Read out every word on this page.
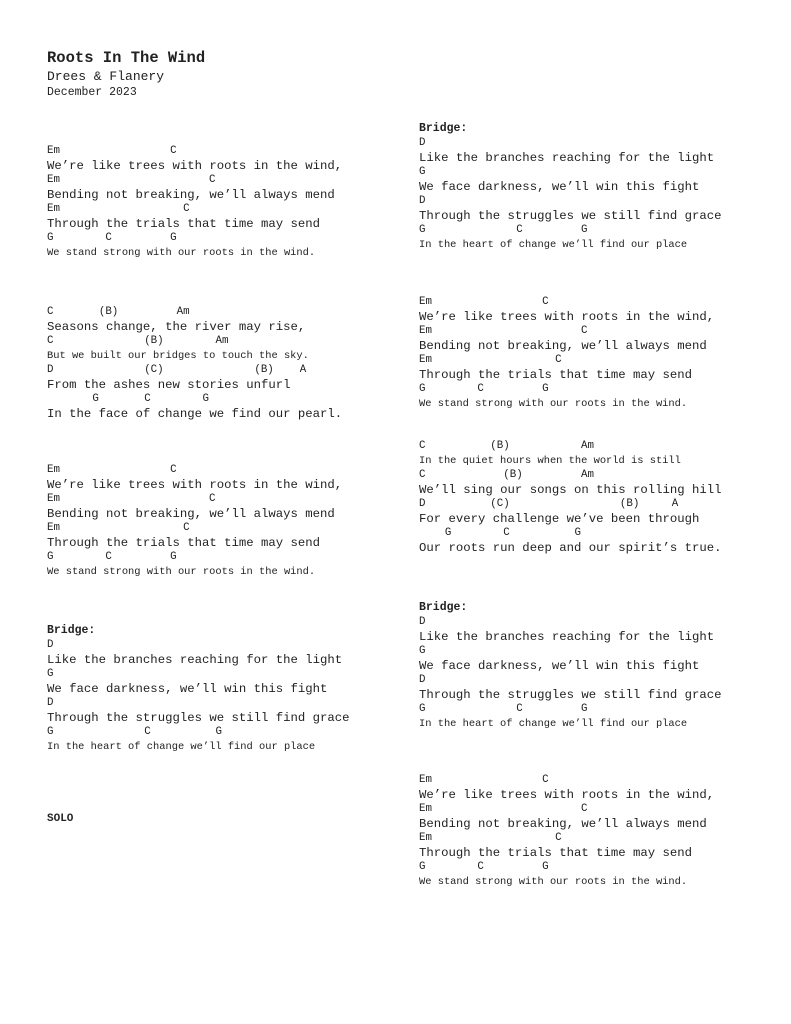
Roots In The Wind
Drees & Flanery
December 2023
Em                 C
We’re like trees with roots in the wind,
Em                       C
Bending not breaking, we’ll always mend
Em                   C
Through the trials that time may send
G        C         G
We stand strong with our roots in the wind.
C       (B)         Am
Seasons change, the river may rise,
C              (B)        Am
But we built our bridges to touch the sky.
D              (C)              (B)    A
From the ashes new stories unfurl
G       C        G
In the face of change we find our pearl.
Em                 C
We’re like trees with roots in the wind,
Em                       C
Bending not breaking, we’ll always mend
Em                   C
Through the trials that time may send
G        C         G
We stand strong with our roots in the wind.
Bridge:
D
Like the branches reaching for the light
G
We face darkness, we’ll win this fight
D
Through the struggles we still find grace
G              C          G
In the heart of change we’ll find our place
SOLO
Bridge:
D
Like the branches reaching for the light
G
We face darkness, we’ll win this fight
D
Through the struggles we still find grace
G              C         G
In the heart of change we’ll find our place
Em                 C
We’re like trees with roots in the wind,
Em                       C
Bending not breaking, we’ll always mend
Em                   C
Through the trials that time may send
G        C         G
We stand strong with our roots in the wind.
C          (B)           Am
In the quiet hours when the world is still
C            (B)         Am
We’ll sing our songs on this rolling hill
D          (C)                 (B)     A
For every challenge we’ve been through
G        C          G
Our roots run deep and our spirit’s true.
Bridge:
D
Like the branches reaching for the light
G
We face darkness, we’ll win this fight
D
Through the struggles we still find grace
G              C         G
In the heart of change we’ll find our place
Em                 C
We’re like trees with roots in the wind,
Em                       C
Bending not breaking, we’ll always mend
Em                   C
Through the trials that time may send
G        C         G
We stand strong with our roots in the wind.
